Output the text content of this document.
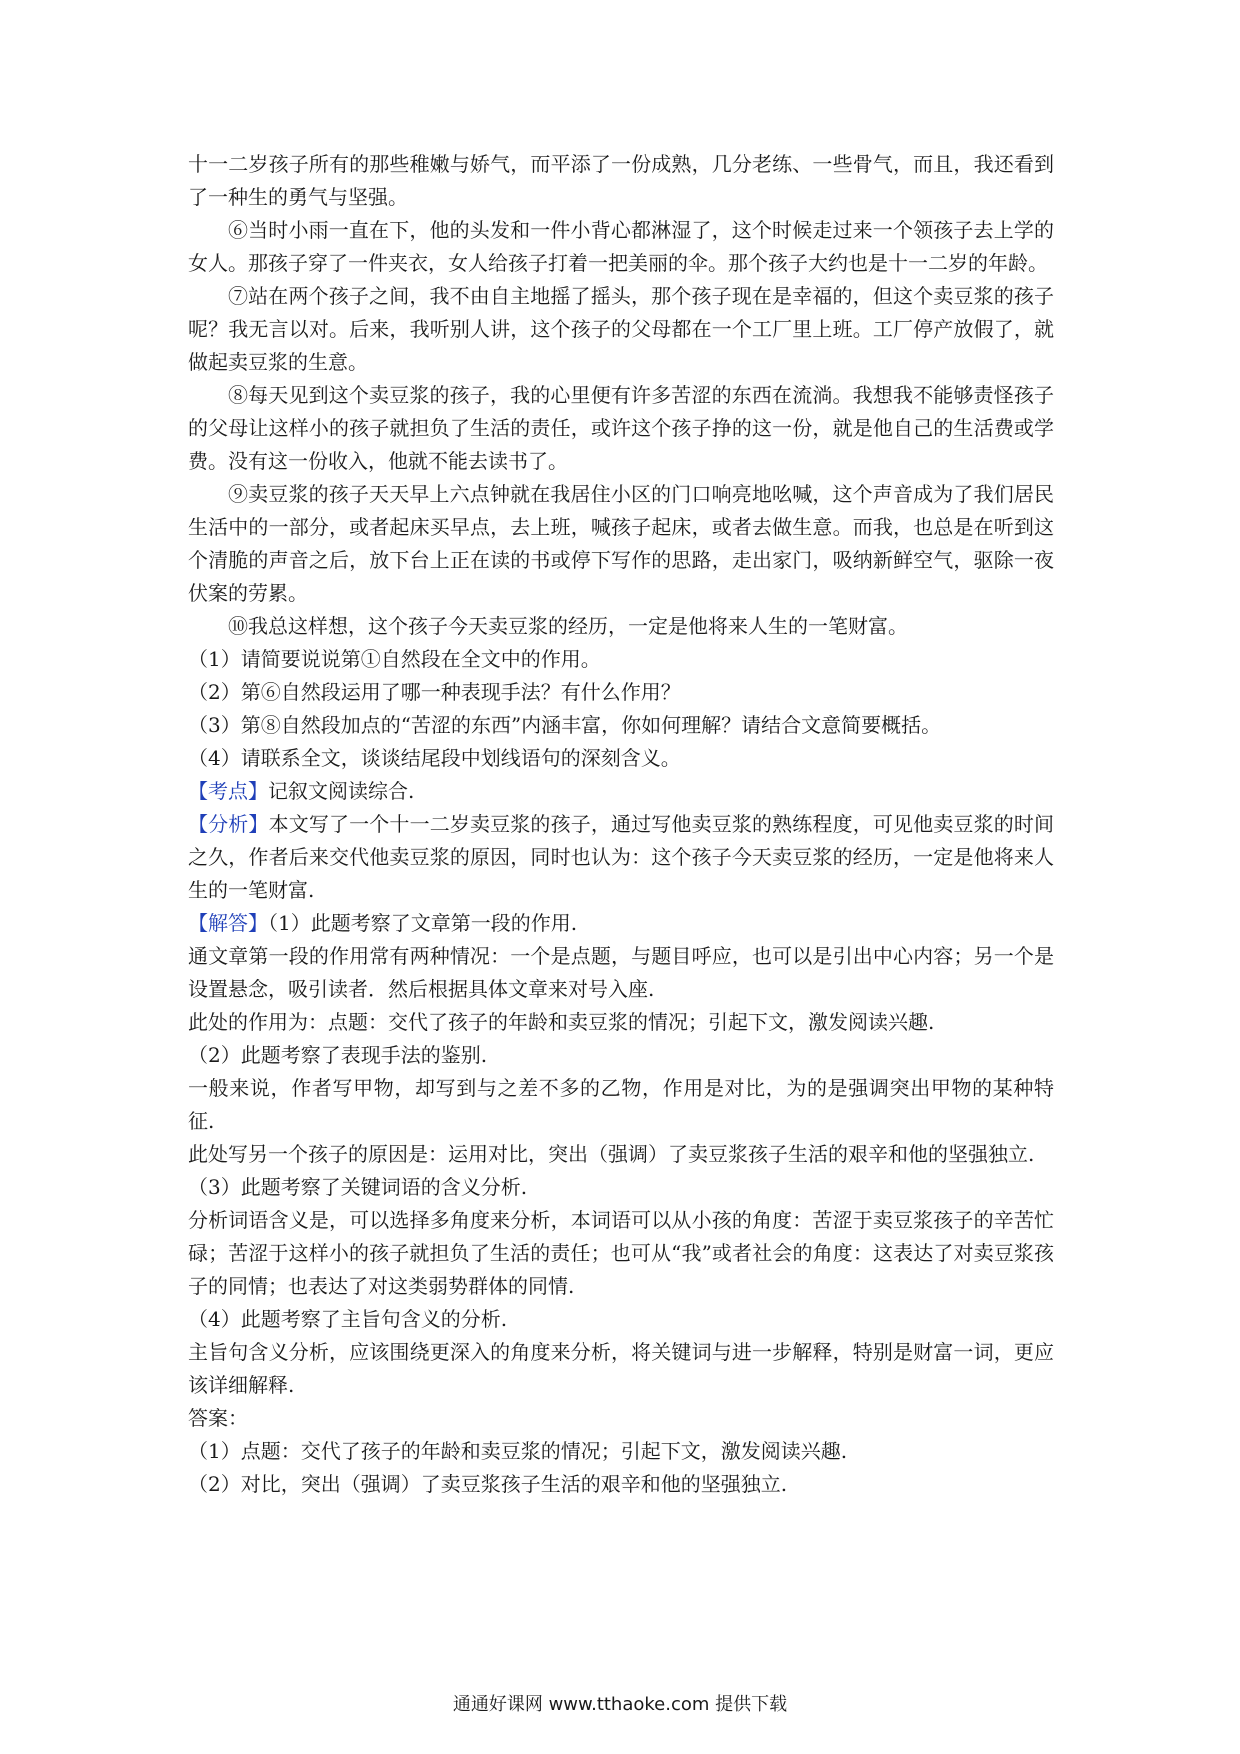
十一二岁孩子所有的那些稚嫩与娇气，而平添了一份成熟，几分老练、一些骨气，而且，我还看到了一种生的勇气与坚强。

⑥当时小雨一直在下，他的头发和一件小背心都淋湿了，这个时候走过来一个领孩子去上学的女人。那孩子穿了一件夹衣，女人给孩子打着一把美丽的伞。那个孩子大约也是十一二岁的年龄。

⑦站在两个孩子之间，我不由自主地摇了摇头，那个孩子现在是幸福的，但这个卖豆浆的孩子呢？我无言以对。后来，我听别人讲，这个孩子的父母都在一个工厂里上班。工厂停产放假了，就做起卖豆浆的生意。

⑧每天见到这个卖豆浆的孩子，我的心里便有许多苦涩的东西在流淌。我想我不能够责怪孩子的父母让这样小的孩子就担负了生活的责任，或许这个孩子挣的这一份，就是他自己的生活费或学费。没有这一份收入，他就不能去读书了。

⑨卖豆浆的孩子天天早上六点钟就在我居住小区的门口响亮地吆喊，这个声音成为了我们居民生活中的一部分，或者起床买早点，去上班，喊孩子起床，或者去做生意。而我，也总是在听到这个清脆的声音之后，放下台上正在读的书或停下写作的思路，走出家门，吸纳新鲜空气，驱除一夜伏案的劳累。

⑩我总这样想，这个孩子今天卖豆浆的经历，一定是他将来人生的一笔财富。

（1）请简要说说第①自然段在全文中的作用。

（2）第⑥自然段运用了哪一种表现手法？有什么作用？

（3）第⑧自然段加点的“苦涩的东西”内涵丰富，你如何理解？请结合文意简要概括。

（4）请联系全文，谈谈结尾段中划线语句的深刻含义。

【考点】记叙文阅读综合.

【分析】本文写了一个十一二岁卖豆浆的孩子，通过写他卖豆浆的熟练程度，可见他卖豆浆的时间之久，作者后来交代他卖豆浆的原因，同时也认为：这个孩子今天卖豆浆的经历，一定是他将来人生的一笔财富.

【解答】（1）此题考察了文章第一段的作用.

通文章第一段的作用常有两种情况：一个是点题，与题目呼应，也可以是引出中心内容；另一个是设置悬念，吸引读者．然后根据具体文章来对号入座.

此处的作用为：点题：交代了孩子的年龄和卖豆浆的情况；引起下文，激发阅读兴趣.

（2）此题考察了表现手法的鉴别.

一般来说，作者写甲物，却写到与之差不多的乙物，作用是对比，为的是强调突出甲物的某种特征.

此处写另一个孩子的原因是：运用对比，突出（强调）了卖豆浆孩子生活的艰辛和他的坚强独立.

（3）此题考察了关键词语的含义分析.

分析词语含义是，可以选择多角度来分析，本词语可以从小孩的角度：苦涩于卖豆浆孩子的辛苦忙碌；苦涩于这样小的孩子就担负了生活的责任；也可从“我”或者社会的角度：这表达了对卖豆浆孩子的同情；也表达了对这类弱势群体的同情.

（4）此题考察了主旨句含义的分析.

主旨句含义分析，应该围绕更深入的角度来分析，将关键词与进一步解释，特别是财富一词，更应该详细解释.

答案：

（1）点题：交代了孩子的年龄和卖豆浆的情况；引起下文，激发阅读兴趣.

（2）对比，突出（强调）了卖豆浆孩子生活的艰辛和他的坚强独立.

通通好课网 www.tthaoke.com 提供下载
